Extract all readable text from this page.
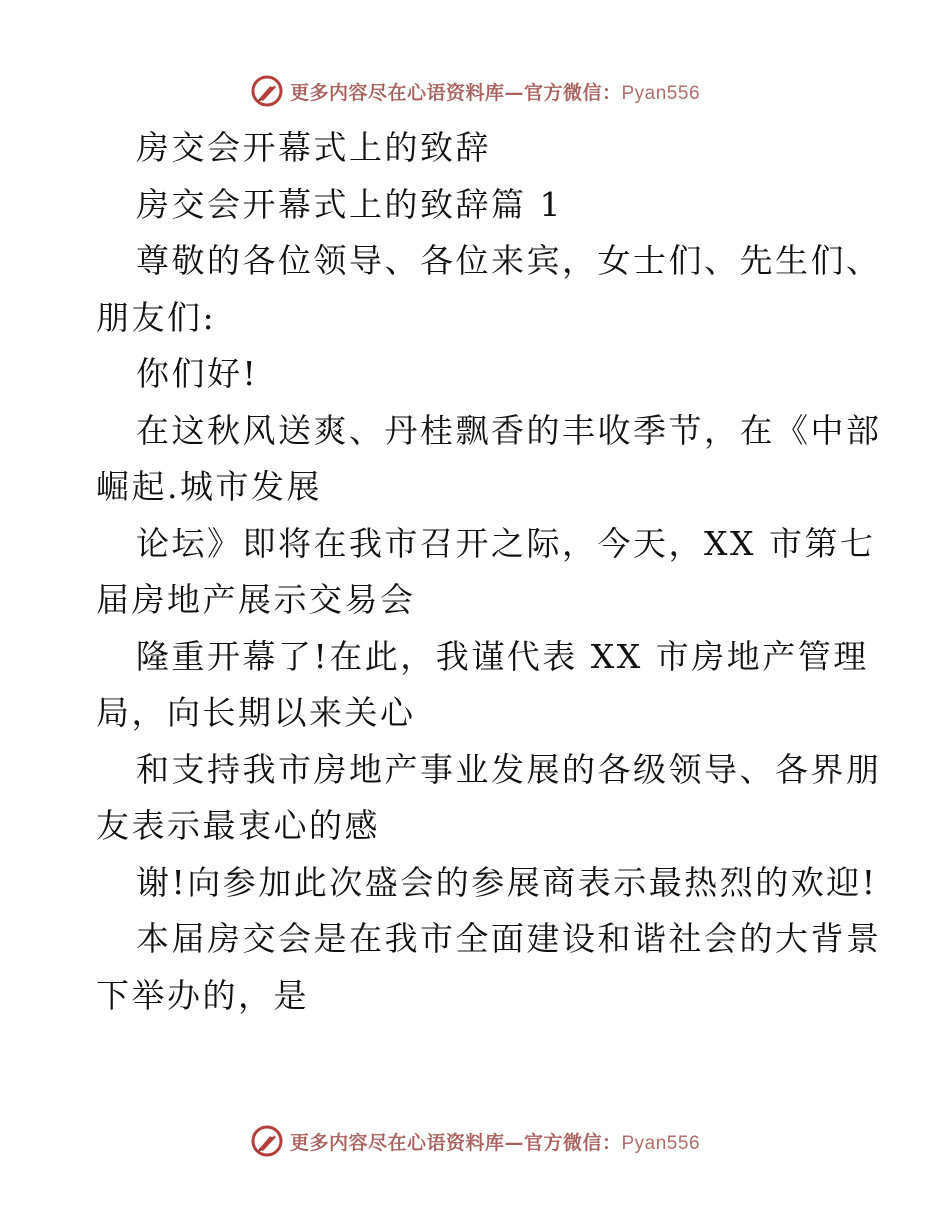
更多内容尽在心语资料库—官方微信：Pyan556
房交会开幕式上的致辞
房交会开幕式上的致辞篇 1
尊敬的各位领导、各位来宾，女士们、先生们、
朋友们:
你们好!
在这秋风送爽、丹桂飘香的丰收季节，在《中部
崛起.城市发展
论坛》即将在我市召开之际，今天，XX 市第七
届房地产展示交易会
隆重开幕了!在此，我谨代表 XX 市房地产管理
局，向长期以来关心
和支持我市房地产事业发展的各级领导、各界朋
友表示最衷心的感
谢!向参加此次盛会的参展商表示最热烈的欢迎!
本届房交会是在我市全面建设和谐社会的大背景
下举办的，是
更多内容尽在心语资料库—官方微信：Pyan556
